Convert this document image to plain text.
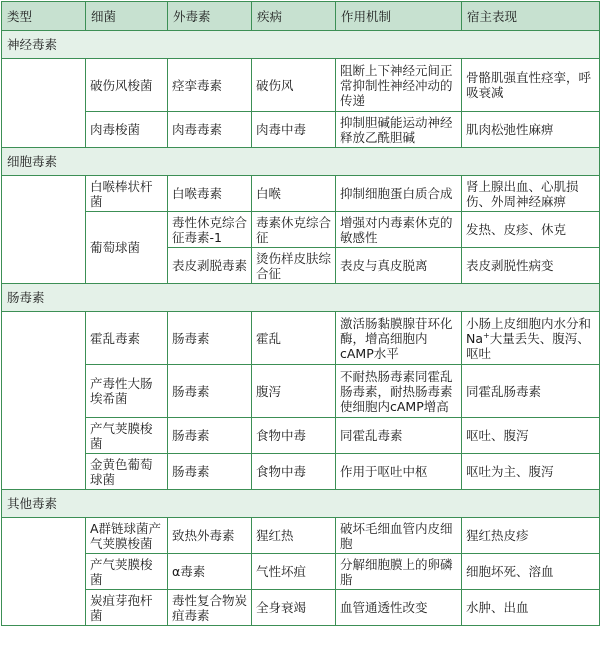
类型	细菌	外毒素	疾病	作用机制	宿主表现
神经毒素					
	破伤风梭菌	痉挛毒素	破伤风	阻断上下神经元间正常抑制性神经冲动的传递	骨骼肌强直性痉挛，呼吸衰减
	肉毒梭菌	肉毒毒素	肉毒中毒	抑制胆碱能运动神经释放乙酰胆碱	肌肉松弛性麻痹
细胞毒素					
	白喉棒状杆菌	白喉毒素	白喉	抑制细胞蛋白质合成	肾上腺出血、心肌损伤、外周神经麻痹
	葡萄球菌	毒性休克综合征毒素-1	毒素休克综合征	增强对内毒素休克的敏感性	发热、皮疹、休克
		表皮剥脱毒素	烫伤样皮肤综合征	表皮与真皮脱离	表皮剥脱性病变
肠毒素					
	霍乱毒素	肠毒素	霍乱	激活肠黏膜腺苷环化酶，增高细胞内cAMP水平	小肠上皮细胞内水分和Na+大量丢失、腹泻、呕吐
	产毒性大肠埃希菌	肠毒素	腹泻	不耐热肠毒素同霍乱肠毒素，耐热肠毒素使细胞内cAMP增高	同霍乱肠毒素
	产气荚膜梭菌	肠毒素	食物中毒	同霍乱毒素	呕吐、腹泻
	金黄色葡萄球菌	肠毒素	食物中毒	作用于呕吐中枢	呕吐为主、腹泻
其他毒素					
	A群链球菌产气荚膜梭菌	致热外毒素	猩红热	破坏毛细血管内皮细胞	猩红热皮疹
	产气荚膜梭菌	α毒素	气性坏疽	分解细胞膜上的卵磷脂	细胞坏死、溶血
	炭疽芽孢杆菌	毒性复合物炭疽毒素	全身衰竭	血管通透性改变	水肿、出血
